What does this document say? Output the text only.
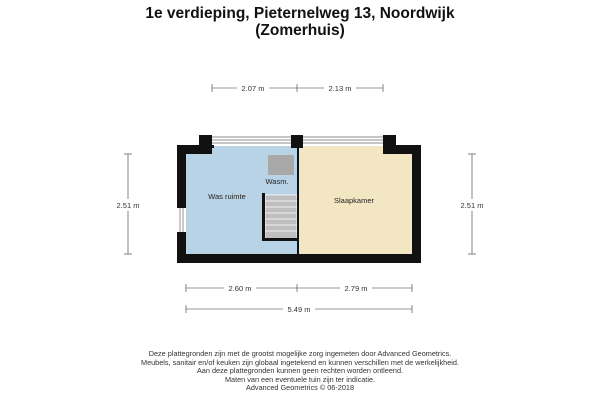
1e verdieping, Pieternelweg 13, Noordwijk
(Zomerhuis)
Was ruimte
Wasm.
Slaapkamer
2.07 m	2.13 m
2.51 m	2.51 m
2.60 m	2.79 m
5.49 m
Deze plattegronden zijn met de grootst mogelijke zorg ingemeten door Advanced Geometrics.
Meubels, sanitair en/of keuken zijn globaal ingetekend en kunnen verschillen met de werkelijkheid.
Aan deze plattegronden kunnen geen rechten worden ontleend.
Maten van een eventuele tuin zijn ter indicatie.
Advanced Geometrics © 06-2018
